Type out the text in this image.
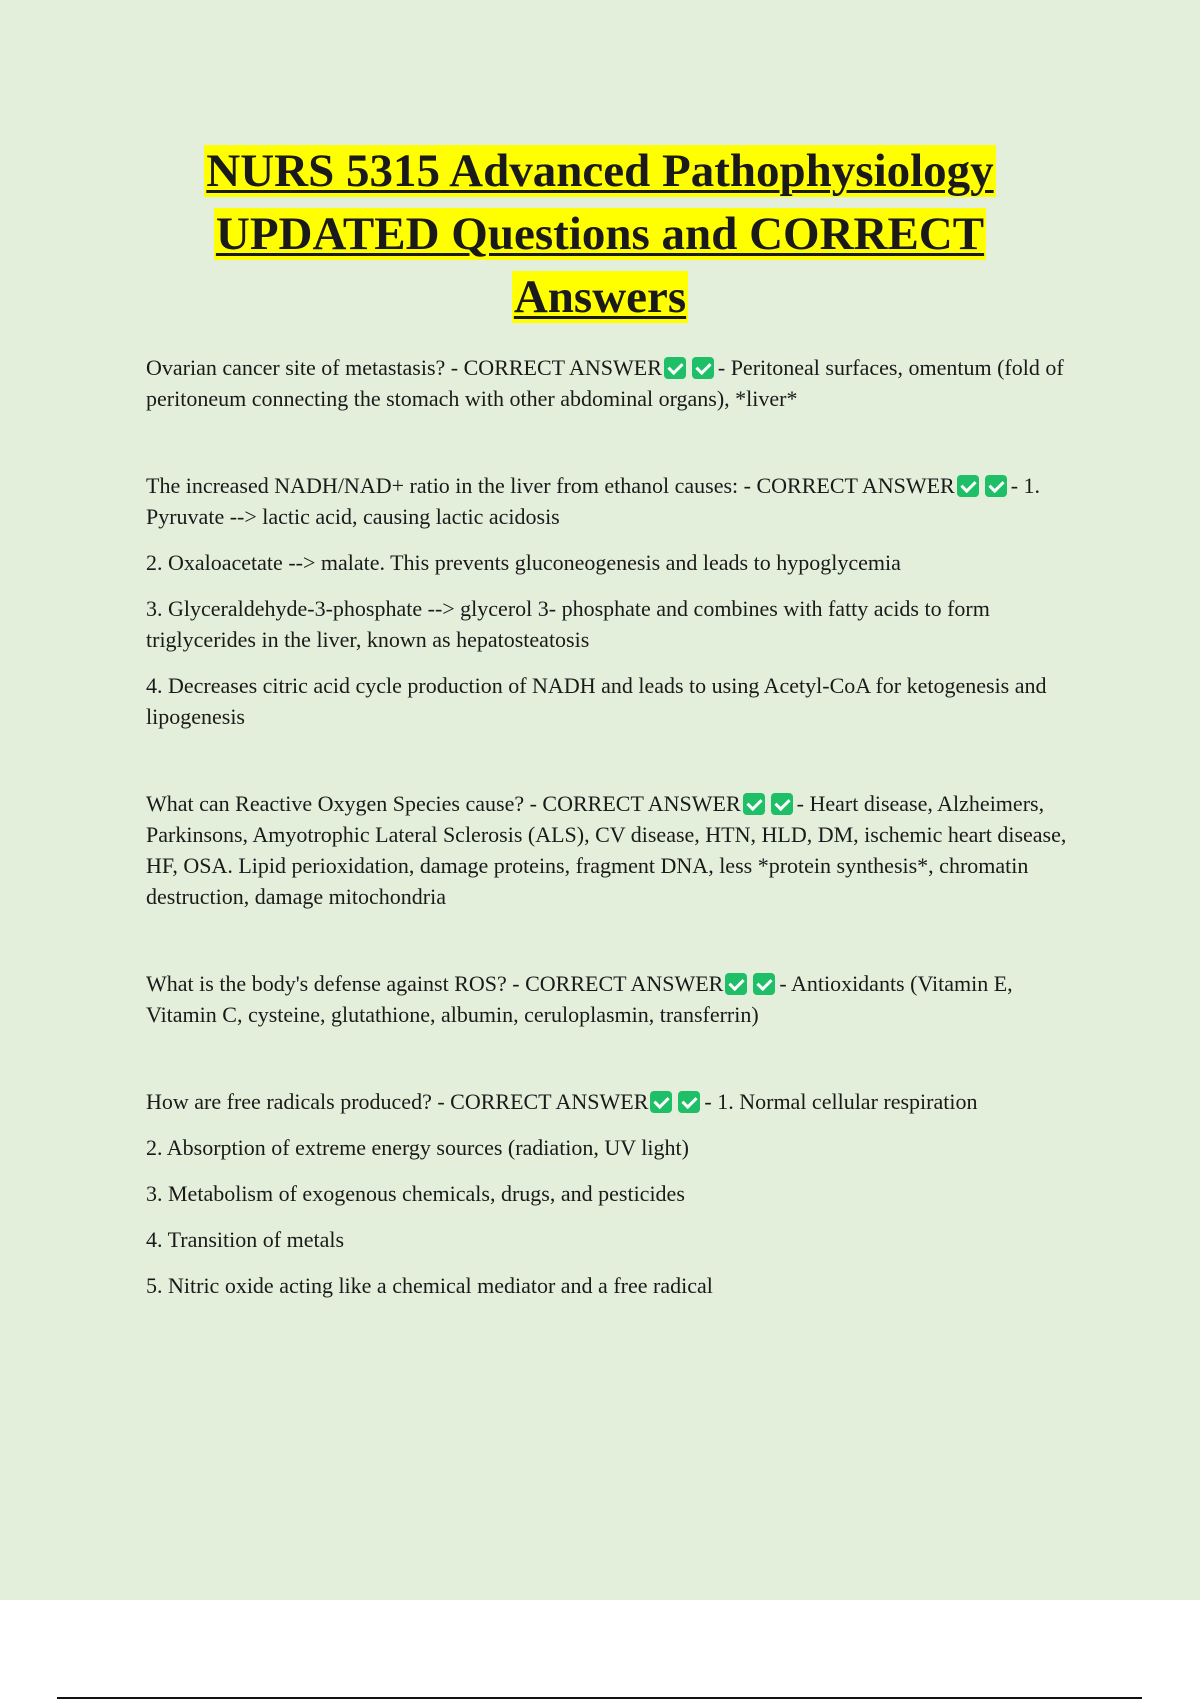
NURS 5315 Advanced Pathophysiology

UPDATED Questions and CORRECT

Answers

Ovarian cancer site of metastasis? - CORRECT ANSWER	- Peritoneal surfaces, omentum (fold of peritoneum connecting the stomach with other abdominal organs), *liver*

The increased NADH/NAD+ ratio in the liver from ethanol causes: - CORRECT ANSWER	- 1. Pyruvate --> lactic acid, causing lactic acidosis

2. Oxaloacetate --> malate. This prevents gluconeogenesis and leads to hypoglycemia

3. Glyceraldehyde-3-phosphate --> glycerol 3- phosphate and combines with fatty acids to form triglycerides in the liver, known as hepatosteatosis

4. Decreases citric acid cycle production of NADH and leads to using Acetyl-CoA for ketogenesis and lipogenesis

What can Reactive Oxygen Species cause? - CORRECT ANSWER	- Heart disease, Alzheimers, Parkinsons, Amyotrophic Lateral Sclerosis (ALS), CV disease, HTN, HLD, DM, ischemic heart disease, HF, OSA. Lipid perioxidation, damage proteins, fragment DNA, less *protein synthesis*, chromatin destruction, damage mitochondria

What is the body's defense against ROS? - CORRECT ANSWER	- Antioxidants (Vitamin E, Vitamin C, cysteine, glutathione, albumin, ceruloplasmin, transferrin)

How are free radicals produced? - CORRECT ANSWER	- 1. Normal cellular respiration

2. Absorption of extreme energy sources (radiation, UV light)

3. Metabolism of exogenous chemicals, drugs, and pesticides

4. Transition of metals

5. Nitric oxide acting like a chemical mediator and a free radical
